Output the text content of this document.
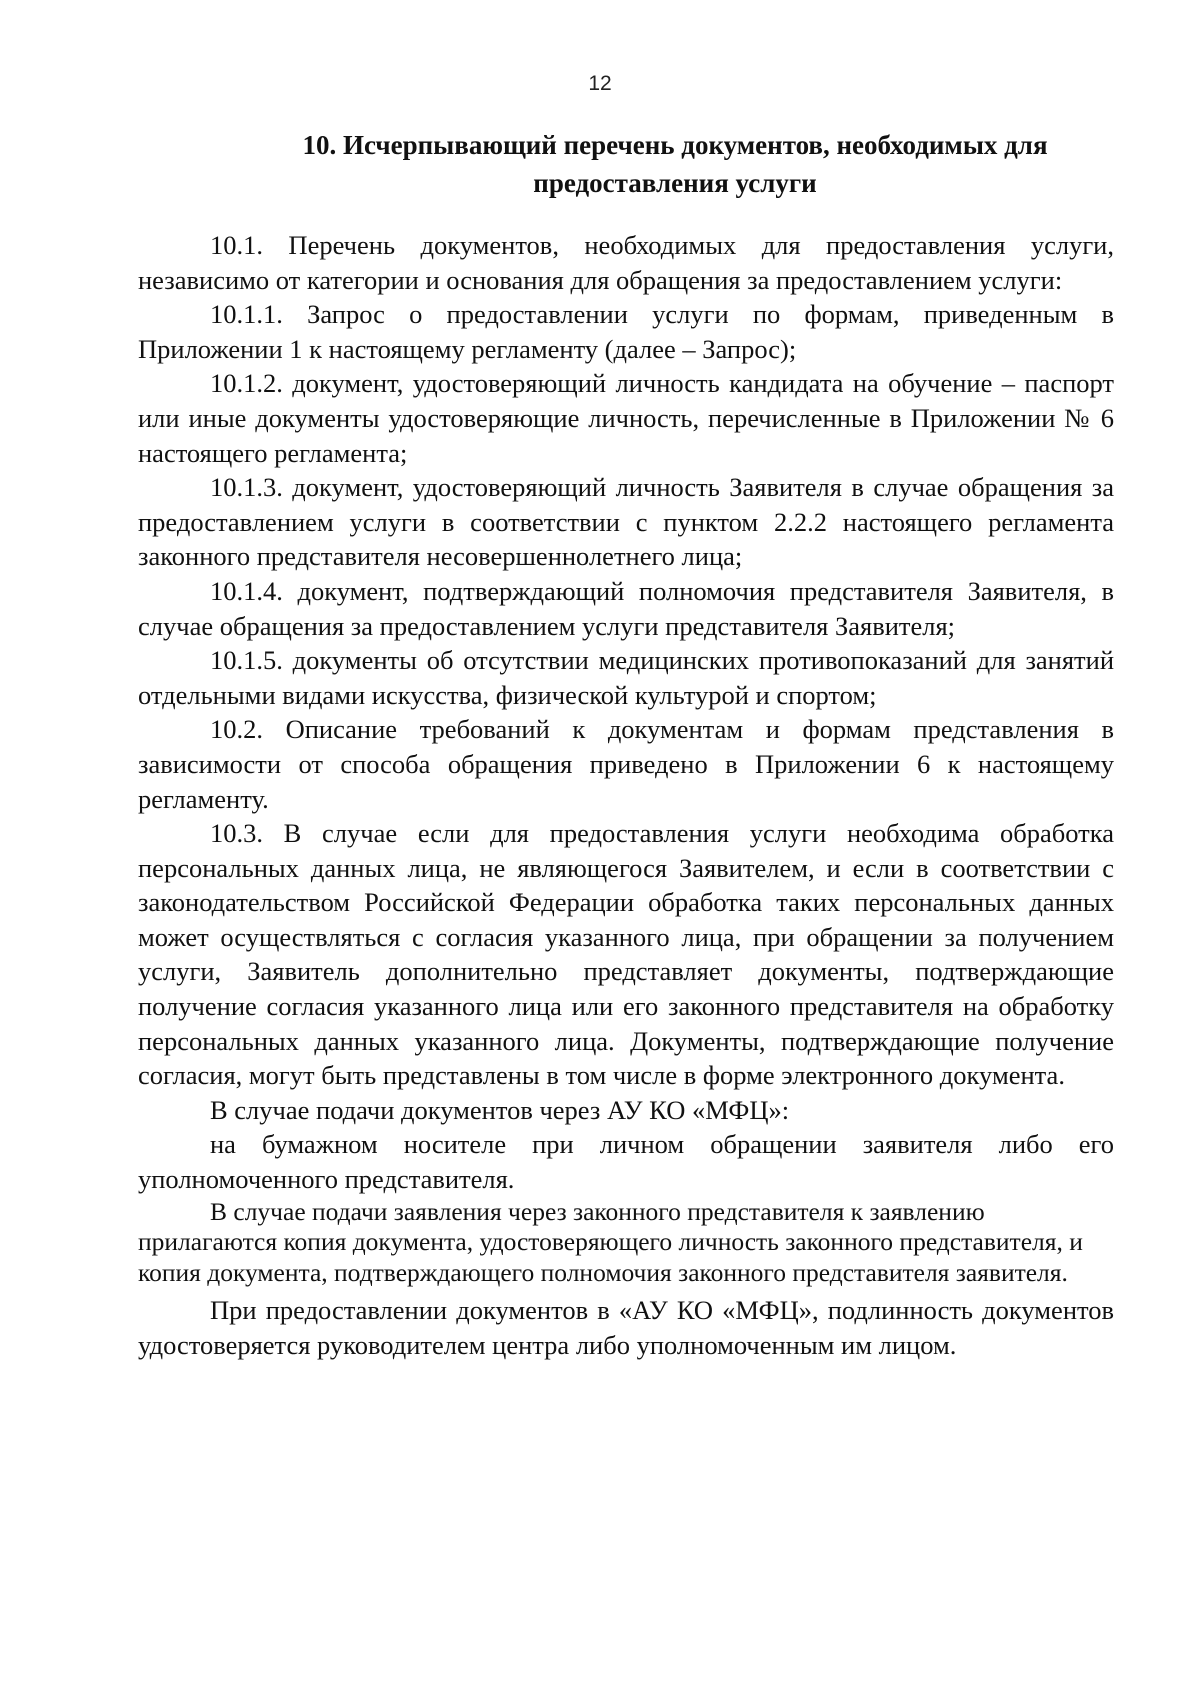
12
10. Исчерпывающий перечень документов, необходимых для
предоставления услуги

10.1. Перечень документов, необходимых для предоставления услуги, независимо от категории и основания для обращения за предоставлением услуги:

10.1.1. Запрос о предоставлении услуги по формам, приведенным в Приложении 1 к настоящему регламенту (далее – Запрос);

10.1.2. документ, удостоверяющий личность кандидата на обучение – паспорт или иные документы удостоверяющие личность, перечисленные в Приложении № 6 настоящего регламента;

10.1.3. документ, удостоверяющий личность Заявителя в случае обращения за предоставлением услуги в соответствии с пунктом 2.2.2 настоящего регламента законного представителя несовершеннолетнего лица;

10.1.4. документ, подтверждающий полномочия представителя Заявителя, в случае обращения за предоставлением услуги представителя Заявителя;

10.1.5. документы об отсутствии медицинских противопоказаний для занятий отдельными видами искусства, физической культурой и спортом;

10.2. Описание требований к документам и формам представления в зависимости от способа обращения приведено в Приложении 6 к настоящему регламенту.

10.3. В случае если для предоставления услуги необходима обработка персональных данных лица, не являющегося Заявителем, и если в соответствии с законодательством Российской Федерации обработка таких персональных данных может осуществляться с согласия указанного лица, при обращении за получением услуги, Заявитель дополнительно представляет документы, подтверждающие получение согласия указанного лица или его законного представителя на обработку персональных данных указанного лица. Документы, подтверждающие получение согласия, могут быть представлены в том числе в форме электронного документа.

В случае подачи документов через АУ КО «МФЦ»:

на бумажном носителе при личном обращении заявителя либо его уполномоченного представителя.

В случае подачи заявления через законного представителя к заявлению прилагаются копия документа, удостоверяющего личность законного представителя, и копия документа, подтверждающего полномочия законного представителя заявителя.

При предоставлении документов в «АУ КО «МФЦ», подлинность документов удостоверяется руководителем центра либо уполномоченным им лицом.
